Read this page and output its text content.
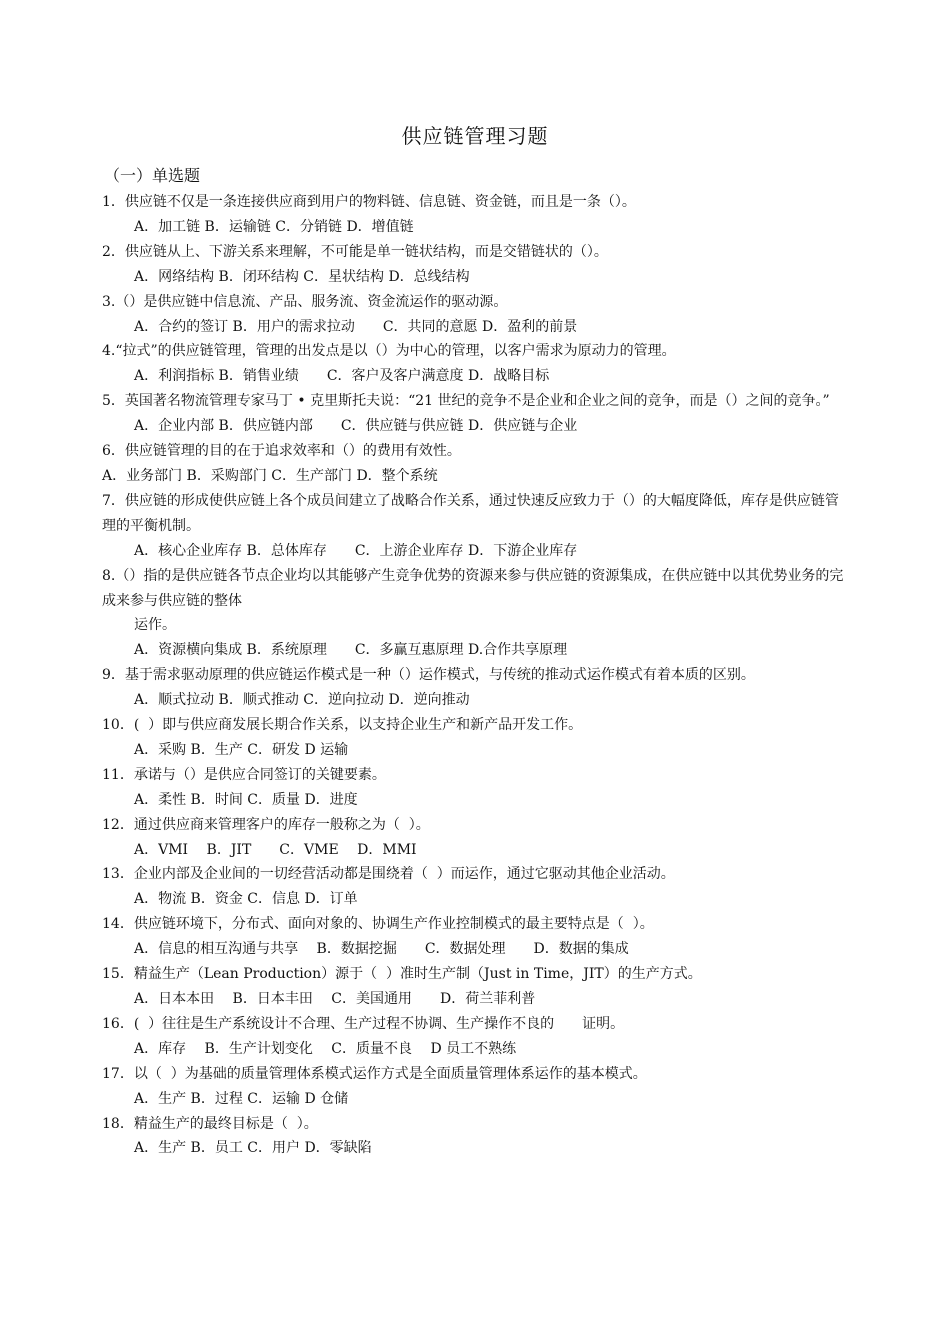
供应链管理习题
（一）单选题

1．供应链不仅是一条连接供应商到用户的物料链、信息链、资金链，而且是一条（）。

A．加工链 B．运输链 C．分销链 D．增值链

2．供应链从上、下游关系来理解，不可能是单一链状结构，而是交错链状的（）。

A．网络结构 B．闭环结构 C．星状结构 D．总线结构

3.（）是供应链中信息流、产品、服务流、资金流运作的驱动源。

A．合约的签订 B．用户的需求拉动　　C．共同的意愿 D．盈利的前景

4.“拉式”的供应链管理，管理的出发点是以（）为中心的管理，以客户需求为原动力的管理。

A．利润指标 B．销售业绩　　C．客户及客户满意度 D．战略目标

5．英国著名物流管理专家马丁 • 克里斯托夫说：“21 世纪的竞争不是企业和企业之间的竞争，而是（）之间的竞争。”

A．企业内部 B．供应链内部　　C．供应链与供应链 D．供应链与企业

6．供应链管理的目的在于追求效率和（）的费用有效性。

A．业务部门 B．采购部门 C．生产部门 D．整个系统

7．供应链的形成使供应链上各个成员间建立了战略合作关系，通过快速反应致力于（）的大幅度降低，库存是供应链管理的平衡机制。

A．核心企业库存 B．总体库存　　C．上游企业库存 D．下游企业库存

8.（）指的是供应链各节点企业均以其能够产生竞争优势的资源来参与供应链的资源集成，在供应链中以其优势业务的完成来参与供应链的整体

运作。

A．资源横向集成 B．系统原理　　C．多赢互惠原理 D.合作共享原理

9．基于需求驱动原理的供应链运作模式是一种（）运作模式，与传统的推动式运作模式有着本质的区别。

A．顺式拉动 B．顺式推动 C．逆向拉动 D．逆向推动

10．(  ）即与供应商发展长期合作关系，以支持企业生产和新产品开发工作。

A．采购 B．生产 C．研发 D 运输

11．承诺与（）是供应合同签订的关键要素。

A．柔性 B．时间 C．质量 D．进度

12．通过供应商来管理客户的库存一般称之为（  ）。

A．VMI　 B．JIT　　C．VME　 D．MMI

13．企业内部及企业间的一切经营活动都是围绕着（  ）而运作，通过它驱动其他企业活动。

A．物流 B．资金 C．信息 D．订单

14．供应链环境下，分布式、面向对象的、协调生产作业控制模式的最主要特点是（  ）。

A．信息的相互沟通与共享　 B．数据挖掘　　C．数据处理　　D．数据的集成

15．精益生产（Lean Production）源于（  ）准时生产制（Just in Time，JIT）的生产方式。

A．日本本田　 B．日本丰田　 C．美国通用　　D．荷兰菲利普

16．(  ）往往是生产系统设计不合理、生产过程不协调、生产操作不良的　　证明。

A．库存　 B．生产计划变化　 C．质量不良　 D 员工不熟练

17．以（  ）为基础的质量管理体系模式运作方式是全面质量管理体系运作的基本模式。

A．生产 B．过程 C．运输 D 仓储

18．精益生产的最终目标是（  ）。

A．生产 B．员工 C．用户 D．零缺陷
